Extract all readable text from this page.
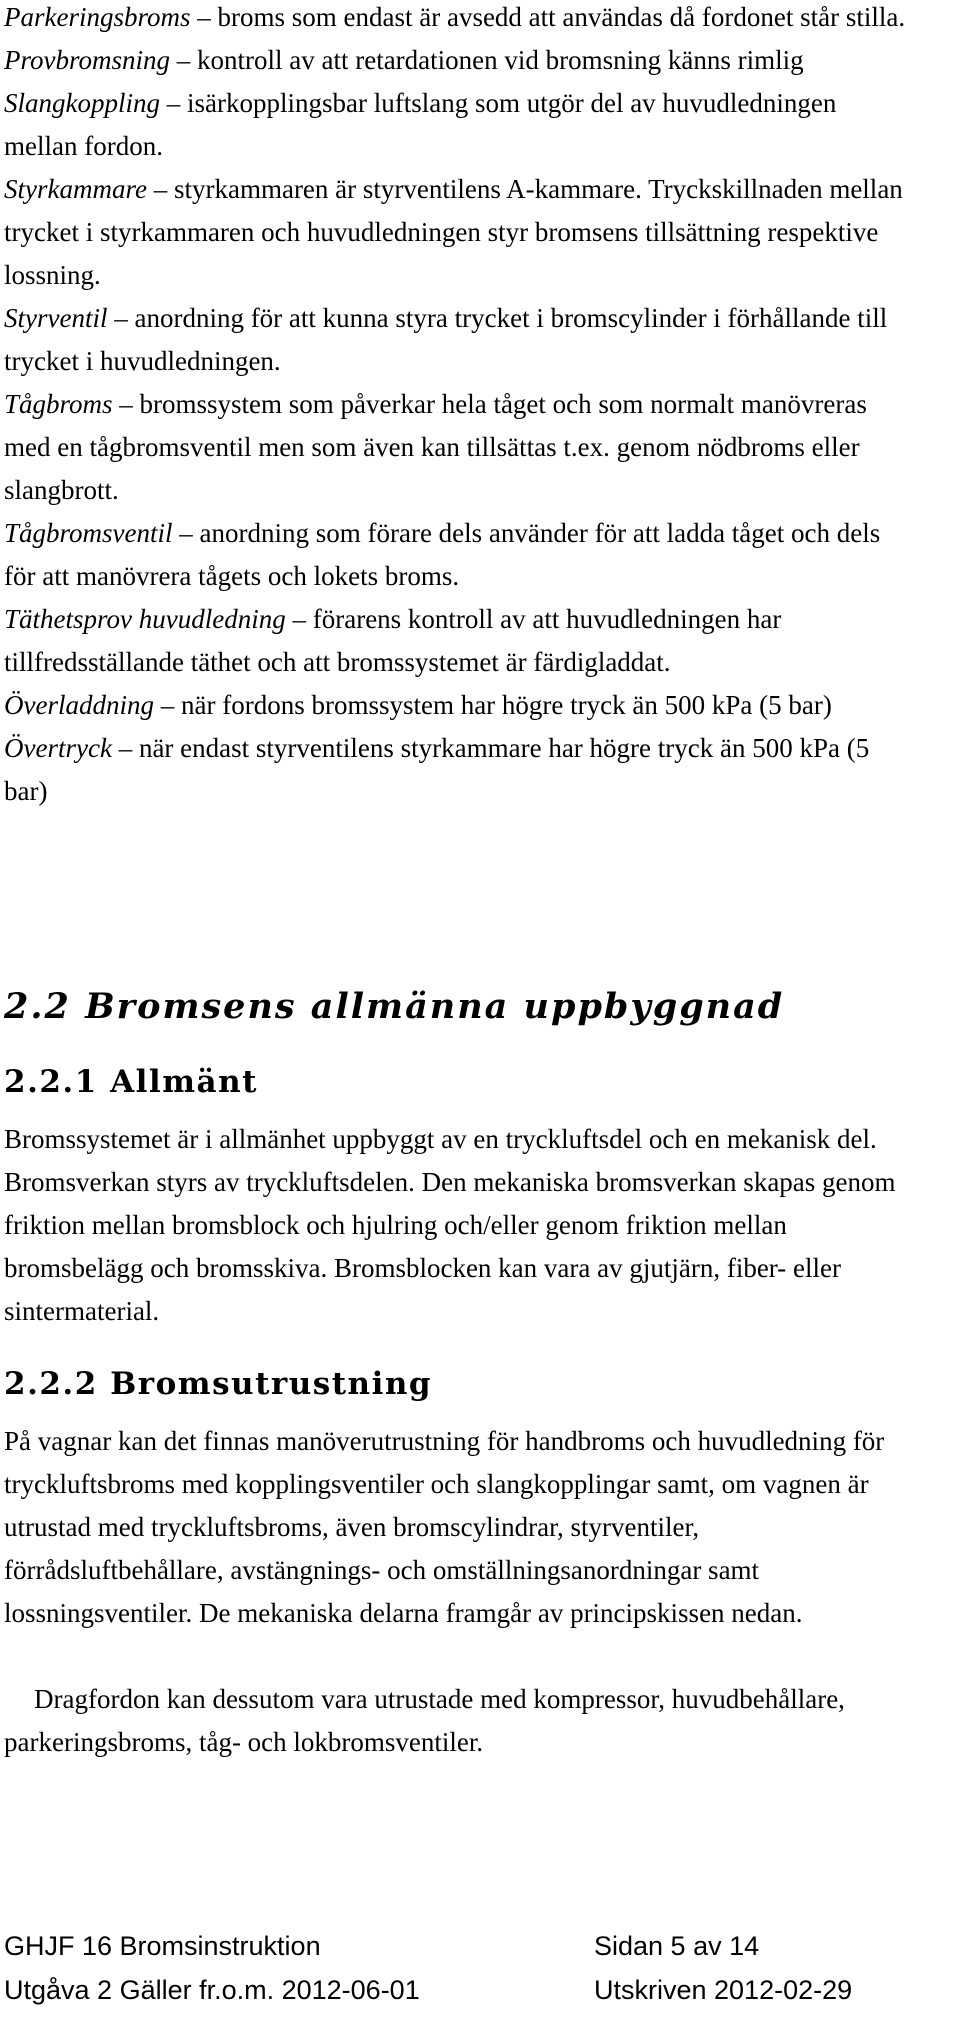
Parkeringsbroms – broms som endast är avsedd att användas då fordonet står stilla.

Provbromsning – kontroll av att retardationen vid bromsning känns rimlig

Slangkoppling – isärkopplingsbar luftslang som utgör del av huvudledningen mellan fordon.

Styrkammare – styrkammaren är styrventilens A-kammare. Tryckskillnaden mellan trycket i styrkammaren och huvudledningen styr bromsens tillsättning respektive lossning.

Styrventil – anordning för att kunna styra trycket i bromscylinder i förhållande till trycket i huvudledningen.

Tågbroms – bromssystem som påverkar hela tåget och som normalt manövreras med en tågbromsventil men som även kan tillsättas t.ex. genom nödbroms eller slangbrott.

Tågbromsventil – anordning som förare dels använder för att ladda tåget och dels för att manövrera tågets och lokets broms.

Täthetsprov huvudledning – förarens kontroll av att huvudledningen har tillfredsställande täthet och att bromssystemet är färdigladdat.

Överladdning – när fordons bromssystem har högre tryck än 500 kPa (5 bar)

Övertryck – när endast styrventilens styrkammare har högre tryck än 500 kPa (5 bar)

2.2 Bromsens allmänna uppbyggnad
2.2.1 Allmänt

Bromssystemet är i allmänhet uppbyggt av en tryckluftsdel och en mekanisk del. Bromsverkan styrs av tryckluftsdelen. Den mekaniska bromsverkan skapas genom friktion mellan bromsblock och hjulring och/eller genom friktion mellan bromsbelägg och bromsskiva. Bromsblocken kan vara av gjutjärn, fiber- eller sintermaterial.

2.2.2 Bromsutrustning

På vagnar kan det finnas manöverutrustning för handbroms och huvudledning för tryckluftsbroms med kopplingsventiler och slangkopplingar samt, om vagnen är utrustad med tryckluftsbroms, även bromscylindrar, styrventiler, förrådsluftbehållare, avstängnings- och omställningsanordningar samt lossningsventiler. De mekaniska delarna framgår av principskissen nedan.

Dragfordon kan dessutom vara utrustade med kompressor, huvudbehållare, parkeringsbroms, tåg- och lokbromsventiler.

GHJF 16 Bromsinstruktion	Sidan 5 av 14
Utgåva 2 Gäller fr.o.m. 2012-06-01	Utskriven 2012-02-29
